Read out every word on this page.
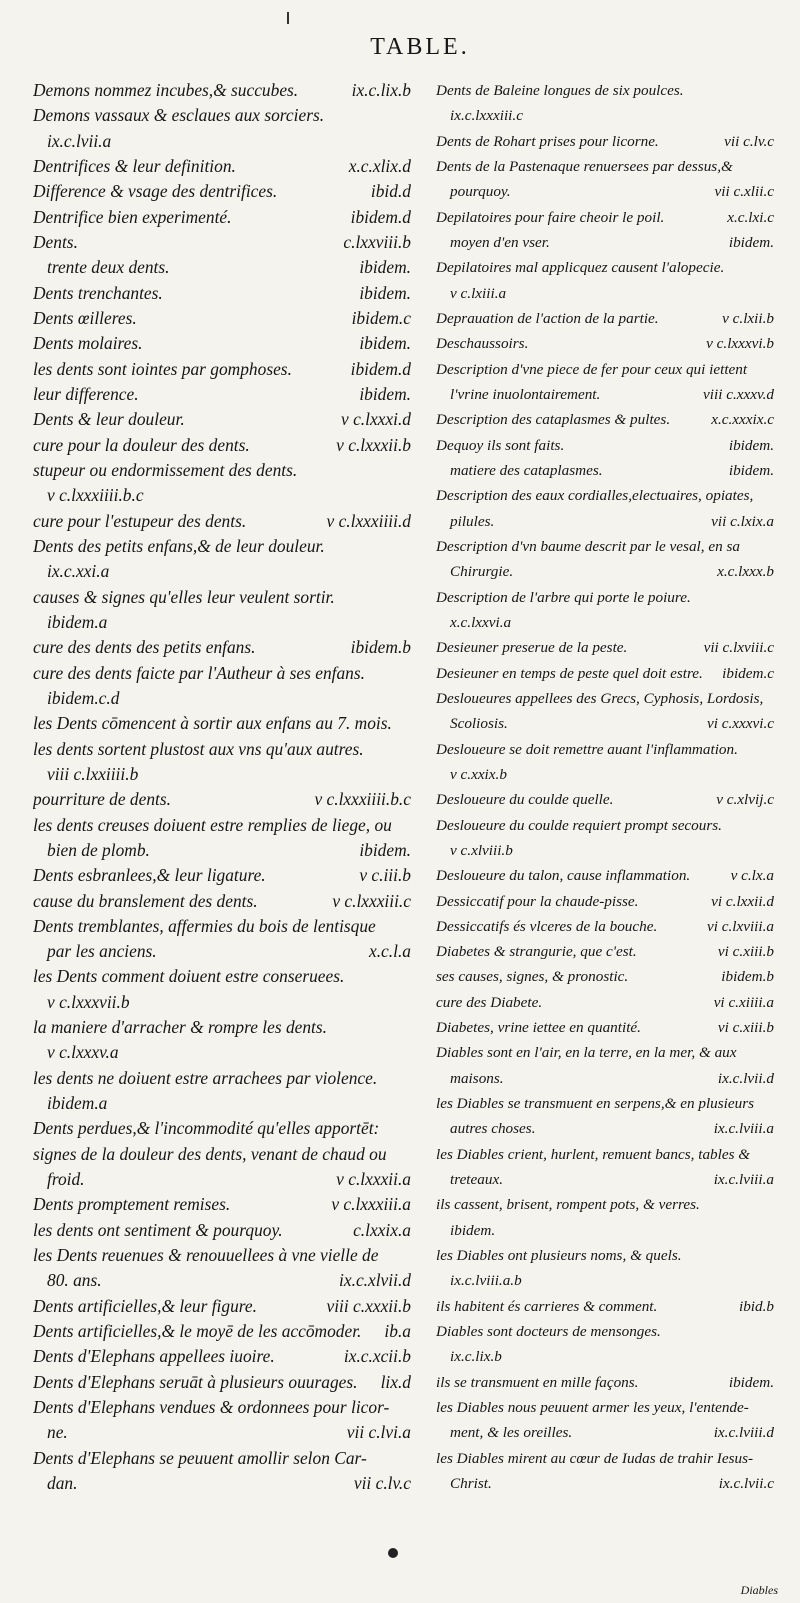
TABLE.
Demons nommez incubes,& succubes.	ix.c.lix.b
Demons vassaux & esclaues aux sorciers.
ix.c.lvii.a
Dentrifices & leur definition.	x.c.xlix.d
Difference & vsage des dentrifices.	ibid.d
Dentrifice bien experimenté.	ibidem.d
Dents.	c.lxxviii.b
trente deux dents.	ibidem.
Dents trenchantes.	ibidem.
Dents œilleres.	ibidem.c
Dents molaires.	ibidem.
les dents sont iointes par gomphoses.	ibidem.d
leur difference.	ibidem.
Dents & leur douleur.	v c.lxxxi.d
cure pour la douleur des dents.	v c.lxxxii.b
stupeur ou endormissement des dents.
v c.lxxxiiii.b.c
cure pour l'estupeur des dents.	v c.lxxxiiii.d
Dents des petits enfans,& de leur douleur.
ix.c.xxi.a
causes & signes qu'elles leur veulent sortir.
ibidem.a
cure des dents des petits enfans.	ibidem.b
cure des dents faicte par l'Autheur à ses enfans.
ibidem.c.d
les Dents cōmencent à sortir aux enfans au 7. mois.
les dents sortent plustost aux vns qu'aux autres.
viii c.lxxiiii.b
pourriture de dents.	v c.lxxxiiii.b.c
les dents creuses doiuent estre remplies de liege, ou
bien de plomb.	ibidem.
Dents esbranlees,& leur ligature.	v c.iii.b
cause du branslement des dents.	v c.lxxxiii.c
Dents tremblantes, affermies du bois de lentisque
par les anciens.	x.c.l.a
les Dents comment doiuent estre conseruees.
v c.lxxxvii.b
la maniere d'arracher & rompre les dents.
v c.lxxxv.a
les dents ne doiuent estre arrachees par violence.
ibidem.a
Dents perdues,& l'incommodité qu'elles apportēt:
signes de la douleur des dents, venant de chaud ou
froid.	v c.lxxxii.a
Dents promptement remises.	v c.lxxxiii.a
les dents ont sentiment & pourquoy.	c.lxxix.a
les Dents reuenues & renouuellees à vne vielle de
80. ans.	ix.c.xlvii.d
Dents artificielles,& leur figure.	viii c.xxxii.b
Dents artificielles,& le moyē de les accōmoder. ib.a
Dents d'Elephans appellees iuoire.	ix.c.xcii.b
Dents d'Elephans seruāt à plusieurs ouurages. lix.d
Dents d'Elephans vendues & ordonnees pour licor-
ne.	vii c.lvi.a
Dents d'Elephans se peuuent amollir selon Car-
dan.	vii c.lv.c
Dents de Baleine longues de six poulces.
ix.c.lxxxiii.c
Dents de Rohart prises pour licorne.	vii c.lv.c
Dents de la Pastenaque renuersees par dessus,&
pourquoy.	vii c.xlii.c
Depilatoires pour faire cheoir le poil.	x.c.lxi.c
moyen d'en vser.	ibidem.
Depilatoires mal applicquez causent l'alopecie.
v c.lxiii.a
Deprauation de l'action de la partie.	v c.lxii.b
Deschaussoirs.	v c.lxxxvi.b
Description d'vne piece de fer pour ceux qui iettent
l'vrine inuolontairement.	viii c.xxxv.d
Description des cataplasmes & pultes.	x.c.xxxix.c
Dequoy ils sont faits.	ibidem.
matiere des cataplasmes.	ibidem.
Description des eaux cordialles,electuaires, opiates,
pilules.	vii c.lxix.a
Description d'vn baume descrit par le vesal, en sa
Chirurgie.	x.c.lxxx.b
Description de l'arbre qui porte le poiure.
x.c.lxxvi.a
Desieuner preserue de la peste.	vii c.lxviii.c
Desieuner en temps de peste quel doit estre. ibidem.c
Desloueures appellees des Grecs, Cyphosis, Lordosis,
Scoliosis.	vi c.xxxvi.c
Desloueure se doit remettre auant l'inflammation.
v c.xxix.b
Desloueure du coulde quelle.	v c.xlvij.c
Desloueure du coulde requiert prompt secours.
v c.xlviii.b
Desloueure du talon, cause inflammation.	v c.lx.a
Dessiccatif pour la chaude-pisse.	vi c.lxxii.d
Dessiccatifs és vlceres de la bouche.	vi c.lxviii.a
Diabetes & strangurie, que c'est.	vi c.xiii.b
ses causes, signes, & pronostic.	ibidem.b
cure des Diabete.	vi c.xiiii.a
Diabetes, vrine iettee en quantité.	vi c.xiii.b
Diables sont en l'air, en la terre, en la mer, & aux
maisons.	ix.c.lvii.d
les Diables se transmuent en serpens,& en plusieurs
autres choses.	ix.c.lviii.a
les Diables crient, hurlent, remuent bancs, tables &
treteaux.	ix.c.lviii.a
ils cassent, brisent, rompent pots, & verres.
ibidem.
les Diables ont plusieurs noms, & quels.
ix.c.lviii.a.b
ils habitent és carrieres & comment.	ibid.b
Diables sont docteurs de mensonges.
ix.c.lix.b
ils se transmuent en mille façons.	ibidem.
les Diables nous peuuent armer les yeux, l'entende-
ment, & les oreilles.	ix.c.lviii.d
les Diables mirent au cœur de Iudas de trahir Iesus-
Christ.	ix.c.lvii.c
Diables
